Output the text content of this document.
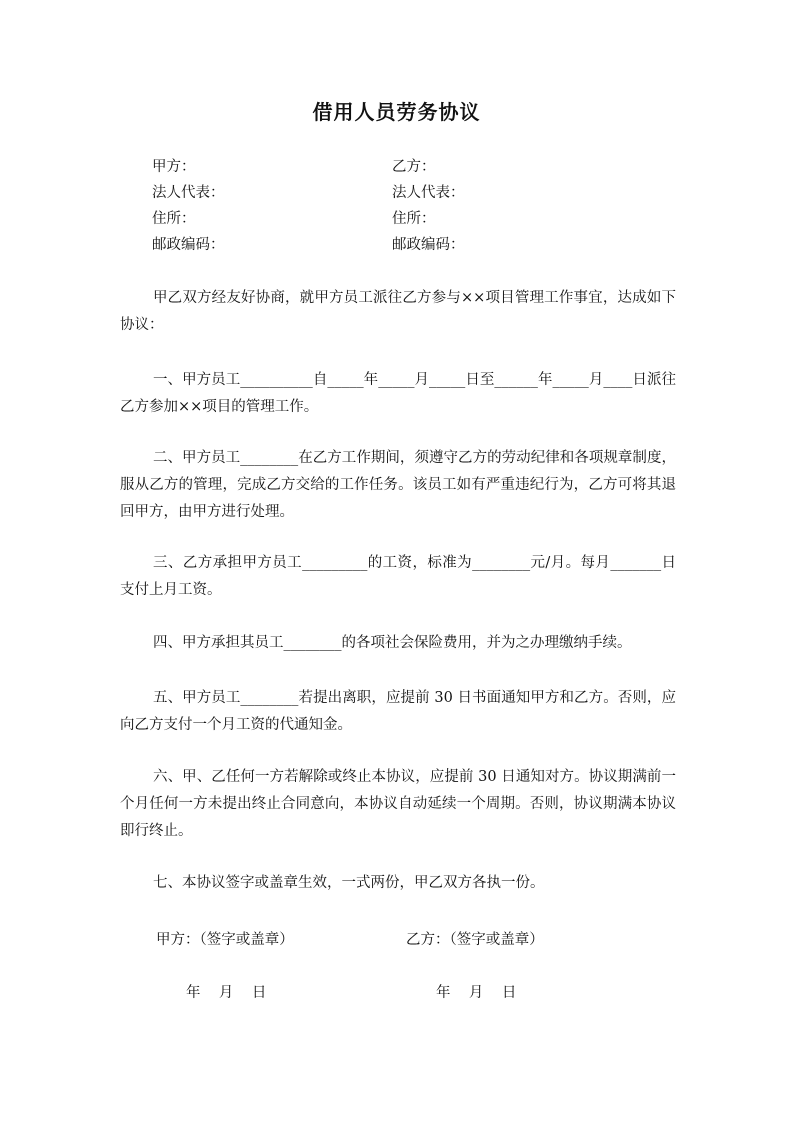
借用人员劳务协议
甲方：	乙方：
法人代表：	法人代表：
住所：	住所：
邮政编码：	邮政编码：

甲乙双方经友好协商，就甲方员工派往乙方参与××项目管理工作事宜，达成如下协议：

一、甲方员工__________自_____年_____月_____日至______年_____月____日派往乙方参加××项目的管理工作。

二、甲方员工________在乙方工作期间，须遵守乙方的劳动纪律和各项规章制度，服从乙方的管理，完成乙方交给的工作任务。该员工如有严重违纪行为，乙方可将其退回甲方，由甲方进行处理。

三、乙方承担甲方员工_________的工资，标准为________元/月。每月_______日支付上月工资。

四、甲方承担其员工________的各项社会保险费用，并为之办理缴纳手续。

五、甲方员工________若提出离职，应提前 30 日书面通知甲方和乙方。否则，应向乙方支付一个月工资的代通知金。

六、甲、乙任何一方若解除或终止本协议，应提前 30 日通知对方。协议期满前一个月任何一方未提出终止合同意向，本协议自动延续一个周期。否则，协议期满本协议即行终止。

七、本协议签字或盖章生效，一式两份，甲乙双方各执一份。

甲方：（签字或盖章）	乙方：（签字或盖章）
年    月    日	年    月    日
